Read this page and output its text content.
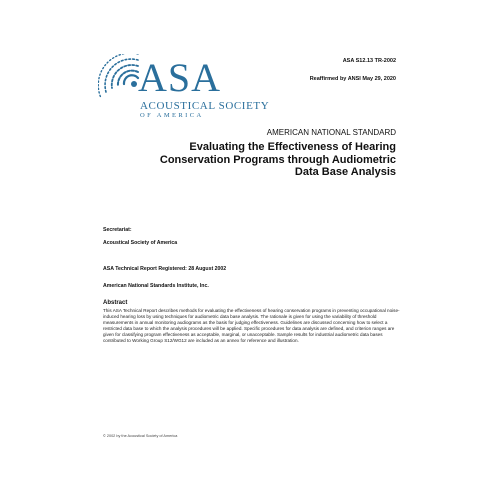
ASA
ACOUSTICAL SOCIETY
OF AMERICA
ASA S12.13 TR-2002
Reaffirmed by ANSI May 29, 2020
AMERICAN NATIONAL STANDARD
Evaluating the Effectiveness of Hearing Conservation Programs through Audiometric Data Base Analysis
Secretariat:
Acoustical Society of America
ASA Technical Report Registered: 28 August 2002
American National Standards Institute, Inc.
Abstract
This ASA Technical Report describes methods for evaluating the effectiveness of hearing conservation programs in preventing occupational noise-induced hearing loss by using techniques for audiometric data base analysis. The rationale is given for using the variability of threshold measurements in annual monitoring audiograms as the basis for judging effectiveness. Guidelines are discussed concerning how to select a restricted data base to which the analysis procedures will be applied. Specific procedures for data analysis are defined, and criterion ranges are given for classifying program effectiveness as acceptable, marginal, or unacceptable. Sample results for industrial audiometric data bases contributed to Working Group S12/WG12 are included as an annex for reference and illustration.
© 2002 by the Acoustical Society of America
